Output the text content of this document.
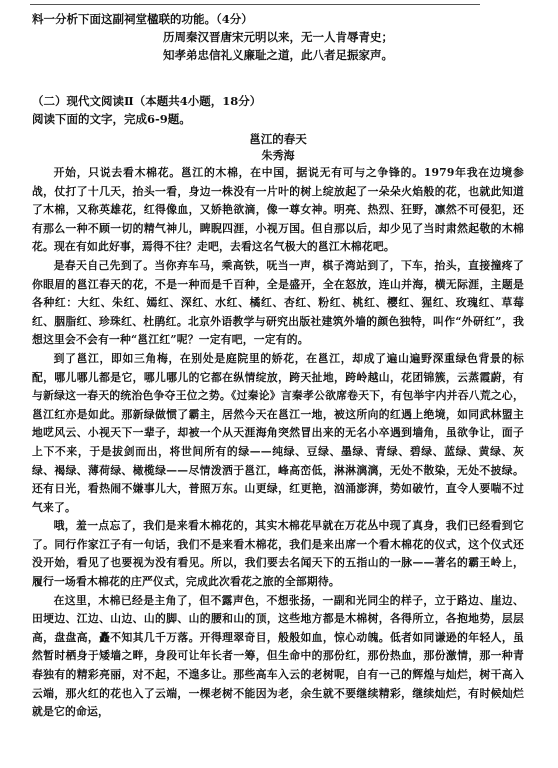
料一分析下面这副祠堂楹联的功能。（4分）

历周秦汉晋唐宋元明以来，无一人肯辱青史；

知孝弟忠信礼义廉耻之道，此八者足振家声。

（二）现代文阅读Ⅱ（本题共4小题，18分）

阅读下面的文字，完成6-9题。

邕江的春天

朱秀海

开始，只说去看木棉花。邕江的木棉，在中国，据说无有可与之争锋的。1979年我在边境参战，仗打了十几天，抬头一看，身边一株没有一片叶的树上绽放起了一朵朵火焰般的花，也就此知道了木棉，又称英雄花，红得像血，又娇艳欲滴，像一尊女神。明亮、热烈、狂野，凛然不可侵犯，还有那么一种不顾一切的精气神儿，睥睨四涯，小视万国。但自那以后，却少见了当时肃然起敬的木棉花。现在有如此好事，焉得不往？走吧，去看这名气极大的邕江木棉花吧。

是春天自己先到了。当你弃车马，乘高铁，呒当一声，棋子湾站到了，下车，抬头，直接撞疼了你眼眉的邕江春天的花，不是一种而是千百种，全是盛开，全在怒放，连山并海，横无际涯，主题是各种红：大红、朱红、嫣红、深红、水红、橘红、杏红、粉红、桃红、樱红、猩红、玫瑰红、草莓红、胭脂红、珍珠红、杜鹃红。北京外语教学与研究出版社建筑外墙的颜色独特，叫作“外研红”，我想这里会不会有一种“邕江红”呢？一定有吧，一定有的。

到了邕江，即如三角梅，在别处是庭院里的娇花，在邕江，却成了遍山遍野深重绿色背景的标配，哪儿哪儿都是它，哪儿哪儿的它都在纵情绽放，跨天扯地，跨岭越山，花团锦簇，云蒸霞蔚，有与新绿这一春天的统治色争夺王位之势。《过秦论》言秦孝公欲席卷天下，有包举宇内并吞八荒之心，邕江红亦是如此。那新绿做惯了霸主，居然今天在邕江一地，被这所向的红遇上绝境，如同武林盟主地呓风云、小视天下一辈子，却被一个从天涯海角突然冒出来的无名小卒遇到墙角，虽欲争让，面子上下不来，于是拔剑而出，将世间所有的绿——纯绿、豆绿、墨绿、青绿、碧绿、蓝绿、黄绿、灰绿、褐绿、薄荷绿、橄榄绿——尽情泼洒于邕江，峰高峦低，淋淋漓漓，无处不散染，无处不披绿。还有日光，看热闹不嫌事儿大，普照万东。山更绿，红更艳，汹涌澎湃，势如破竹，直令人要喘不过气来了。

哦，羞一点忘了，我们是来看木棉花的，其实木棉花早就在万花丛中现了真身，我们已经看到它了。同行作家江子有一句话，我们不是来看木棉花，我们是来出席一个看木棉花的仪式，这个仪式还没开始，看见了也要视为没有看见。所以，我们要去名闻天下的五指山的一脉——著名的霸王岭上，履行一场看木棉花的庄严仪式，完成此次看花之旅的全部期待。

在这里，木棉已经是主角了，但不露声色，不想张扬，一副和光同尘的样子，立于路边、崖边、田埂边、江边、山边、山的脚、山的腰和山的顶，这些地方都是木棉树，各得所立，各抱地势，层层高，盘盘高，矗不知其几千万落。开得理翠奇目，般般如血，惊心动魄。低者如同谦逊的年轻人，虽然暂时栖身于矮墙之畔，身段可让年长者一筹，但生命中的那份红，那份热血，那份激情，那一种青春独有的精彩亮丽，对不起，不遑多让。那些高车入云的老树呢，自有一己的辉煌与灿烂，树干高入云端，那火红的花也入了云端，一棵老树不能因为老，余生就不要继续精彩，继续灿烂，有时候灿烂就是它的命运，
